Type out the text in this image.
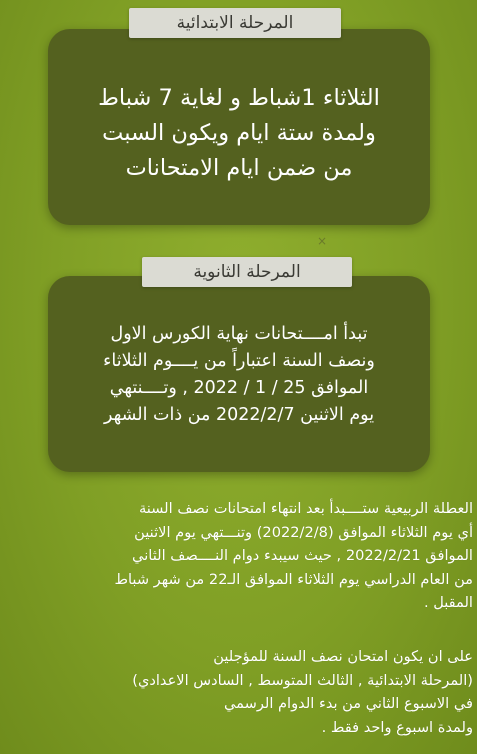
الثلاثاء 1شباط و لغاية 7 شباط
ولمدة ستة ايام ويكون السبت
من ضمن ايام الامتحانات
المرحلة الابتدائية
×
تبدأ امــــتحانات نهاية الكورس الاول
ونصف السنة اعتباراً من يــــوم الثلاثاء
الموافق 25 / 1 / 2022 , وتــــنتهي
يوم الاثنين 2022/2/7 من ذات الشهر
المرحلة الثانوية
العطلة الربيعية ستــــبدأ بعد انتهاء امتحانات نصف السنة
أي يوم الثلاثاء الموافق (2022/2/8) وتنـــتهي يوم الاثنين
الموافق 2022/2/21 , حيث سيبدء دوام النــــصف الثاني
من العام الدراسي يوم الثلاثاء الموافق الـ22 من شهر شباط
المقبل .
على ان يكون امتحان نصف السنة للمؤجلين
(المرحلة الابتدائية , الثالث المتوسط , السادس الاعدادي)
في الاسبوع الثاني من بدء الدوام الرسمي
ولمدة اسبوع واحد فقط .
